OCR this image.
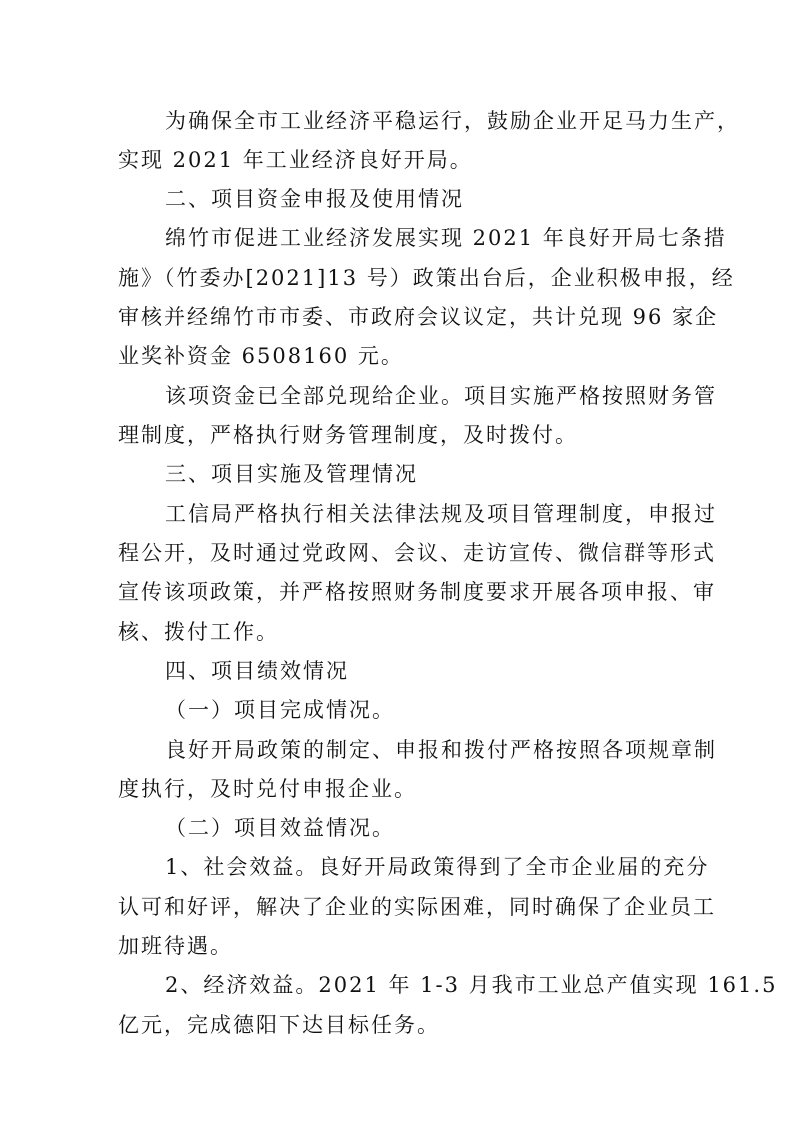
为确保全市工业经济平稳运行，鼓励企业开足马力生产，

实现 2021 年工业经济良好开局。

二、项目资金申报及使用情况

绵竹市促进工业经济发展实现 2021 年良好开局七条措

施》（竹委办[2021]13 号）政策出台后，企业积极申报，经

审核并经绵竹市市委、市政府会议议定，共计兑现 96 家企

业奖补资金 6508160 元。

该项资金已全部兑现给企业。项目实施严格按照财务管

理制度，严格执行财务管理制度，及时拨付。

三、项目实施及管理情况

工信局严格执行相关法律法规及项目管理制度，申报过

程公开，及时通过党政网、会议、走访宣传、微信群等形式

宣传该项政策，并严格按照财务制度要求开展各项申报、审

核、拨付工作。

四、项目绩效情况

（一）项目完成情况。

良好开局政策的制定、申报和拨付严格按照各项规章制

度执行，及时兑付申报企业。

（二）项目效益情况。

1、社会效益。良好开局政策得到了全市企业届的充分

认可和好评，解决了企业的实际困难，同时确保了企业员工

加班待遇。

2、经济效益。2021 年 1-3 月我市工业总产值实现 161.5

亿元，完成德阳下达目标任务。
